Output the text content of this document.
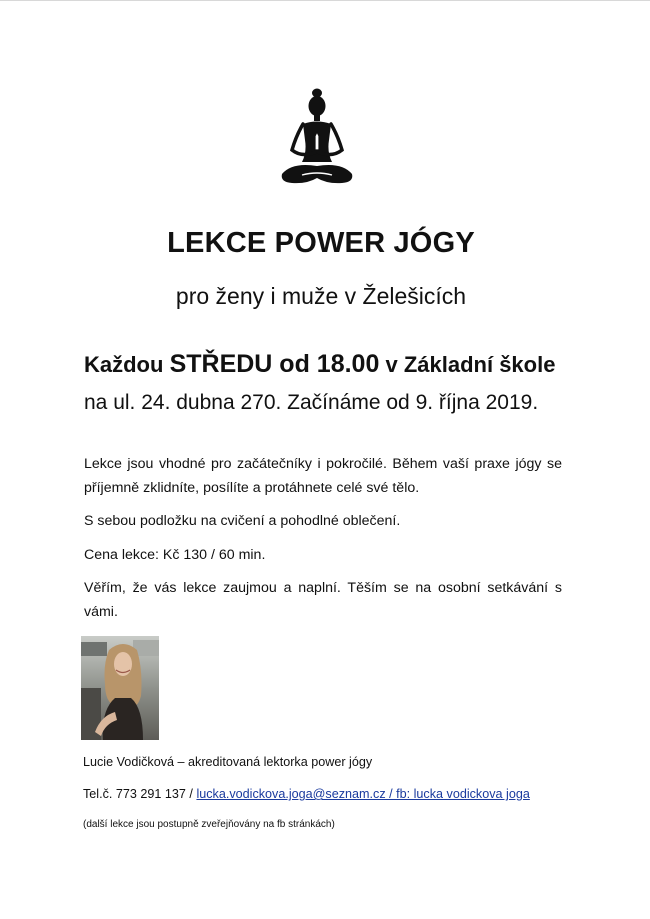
LEKCE POWER JÓGY
pro ženy i muže v Želešicích
Každou STŘEDU od 18.00 v Základní škole
na ul. 24. dubna 270. Začínáme od 9. října 2019.

Lekce jsou vhodné pro začátečníky i pokročilé. Během vaší praxe jógy se příjemně zklidníte, posílíte a protáhnete celé své tělo.

S sebou podložku na cvičení a pohodlné oblečení.

Cena lekce: Kč 130 / 60 min.

Věřím, že vás lekce zaujmou a naplní. Těším se na osobní setkávání s vámi.

Lucie Vodičková – akreditovaná lektorka power jógy
Tel.č. 773 291 137 / lucka.vodickova.joga@seznam.cz / fb: lucka vodickova joga
(další lekce jsou postupně zveřejňovány na fb stránkách)
